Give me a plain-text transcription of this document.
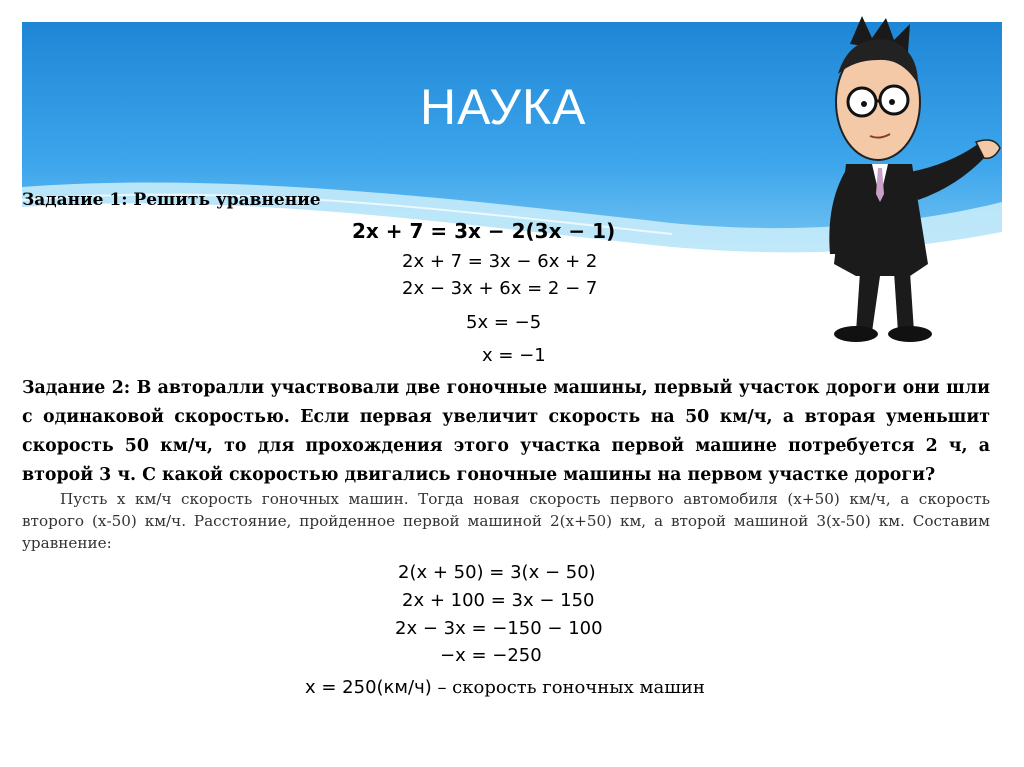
НАУКА
Задание 1: Решить уравнение
2x + 7 = 3x − 2(3x − 1)
2x + 7 = 3x − 6x + 2
2x − 3x + 6x = 2 − 7
5x = −5
x = −1
Задание 2: В авторалли участвовали две гоночные машины, первый участок дороги они шли с одинаковой скоростью. Если первая увеличит скорость на 50 км/ч, а вторая уменьшит скорость 50 км/ч, то для прохождения этого участка первой машине потребуется 2 ч, а второй 3 ч. С какой скоростью двигались гоночные машины на первом участке дороги?
Пусть х км/ч скорость гоночных машин. Тогда новая скорость первого автомобиля (х+50) км/ч, а скорость второго (х-50) км/ч. Расстояние, пройденное первой машиной 2(х+50) км, а второй машиной 3(х-50) км. Составим уравнение:
2(x + 50) = 3(x − 50)
2x + 100 = 3x − 150
2x − 3x = −150 − 100
−x = −250
x = 250(км/ч) – скорость гоночных машин
